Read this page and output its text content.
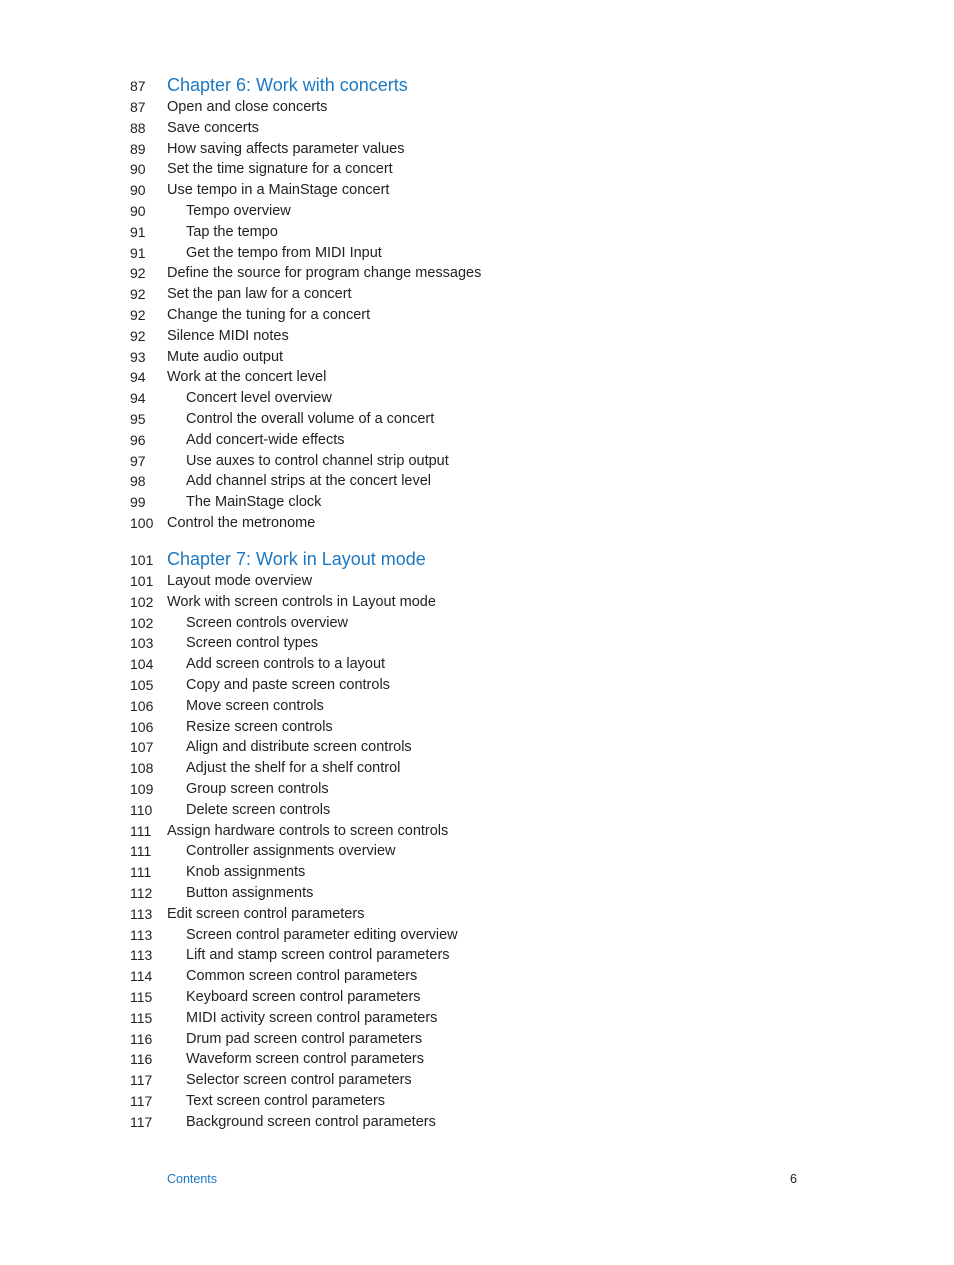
87	Chapter 6: Work with concerts
87	Open and close concerts
88	Save concerts
89	How saving affects parameter values
90	Set the time signature for a concert
90	Use tempo in a MainStage concert
90	Tempo overview
91	Tap the tempo
91	Get the tempo from MIDI Input
92	Define the source for program change messages
92	Set the pan law for a concert
92	Change the tuning for a concert
92	Silence MIDI notes
93	Mute audio output
94	Work at the concert level
94	Concert level overview
95	Control the overall volume of a concert
96	Add concert-wide effects
97	Use auxes to control channel strip output
98	Add channel strips at the concert level
99	The MainStage clock
100 Control the metronome
101 Chapter 7: Work in Layout mode
101 Layout mode overview
102 Work with screen controls in Layout mode
102	Screen controls overview
103	Screen control types
104	Add screen controls to a layout
105	Copy and paste screen controls
106	Move screen controls
106	Resize screen controls
107	Align and distribute screen controls
108	Adjust the shelf for a shelf control
109	Group screen controls
110	Delete screen controls
111	Assign hardware controls to screen controls
111	Controller assignments overview
111	Knob assignments
112	Button assignments
113	Edit screen control parameters
113	Screen control parameter editing overview
113	Lift and stamp screen control parameters
114	Common screen control parameters
115	Keyboard screen control parameters
115	MIDI activity screen control parameters
116	Drum pad screen control parameters
116	Waveform screen control parameters
117	Selector screen control parameters
117	Text screen control parameters
117	Background screen control parameters
Contents	6
